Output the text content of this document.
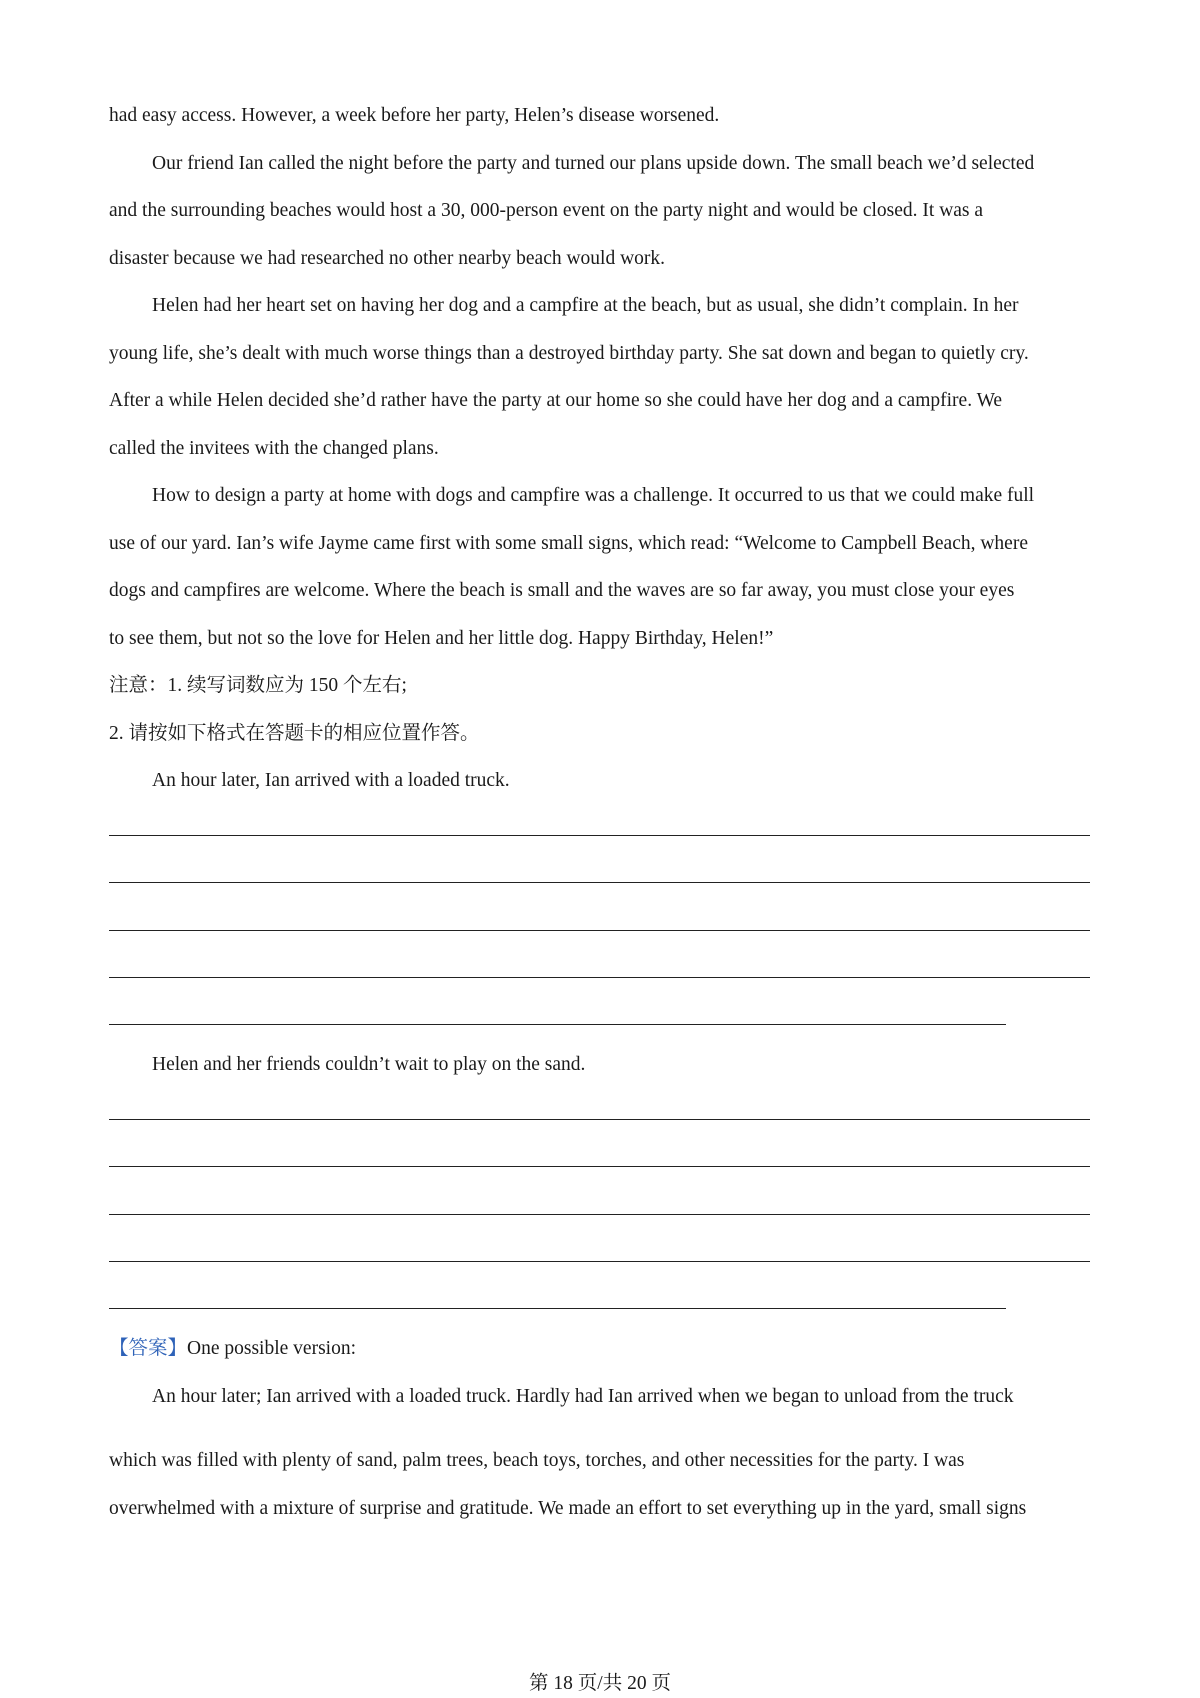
had easy access. However, a week before her party, Helen’s disease worsened.
Our friend Ian called the night before the party and turned our plans upside down. The small beach we’d selected
and the surrounding beaches would host a 30, 000-person event on the party night and would be closed. It was a
disaster because we had researched no other nearby beach would work.
Helen had her heart set on having her dog and a campfire at the beach, but as usual, she didn’t complain. In her
young life, she’s dealt with much worse things than a destroyed birthday party. She sat down and began to quietly cry.
After a while Helen decided she’d rather have the party at our home so she could have her dog and a campfire. We
called the invitees with the changed plans.
How to design a party at home with dogs and campfire was a challenge. It occurred to us that we could make full
use of our yard. Ian’s wife Jayme came first with some small signs, which read: “Welcome to Campbell Beach, where
dogs and campfires are welcome. Where the beach is small and the waves are so far away, you must close your eyes
to see them, but not so the love for Helen and her little dog. Happy Birthday, Helen!”
注意：1. 续写词数应为 150 个左右;
2. 请按如下格式在答题卡的相应位置作答。
An hour later, Ian arrived with a loaded truck.
Helen and her friends couldn’t wait to play on the sand.
【答案】One possible version:
An hour later; Ian arrived with a loaded truck. Hardly had Ian arrived when we began to unload from the truck
which was filled with plenty of sand, palm trees, beach toys, torches, and other necessities for the party. I was
overwhelmed with a mixture of surprise and gratitude. We made an effort to set everything up in the yard, small signs
第 18 页/共 20 页
